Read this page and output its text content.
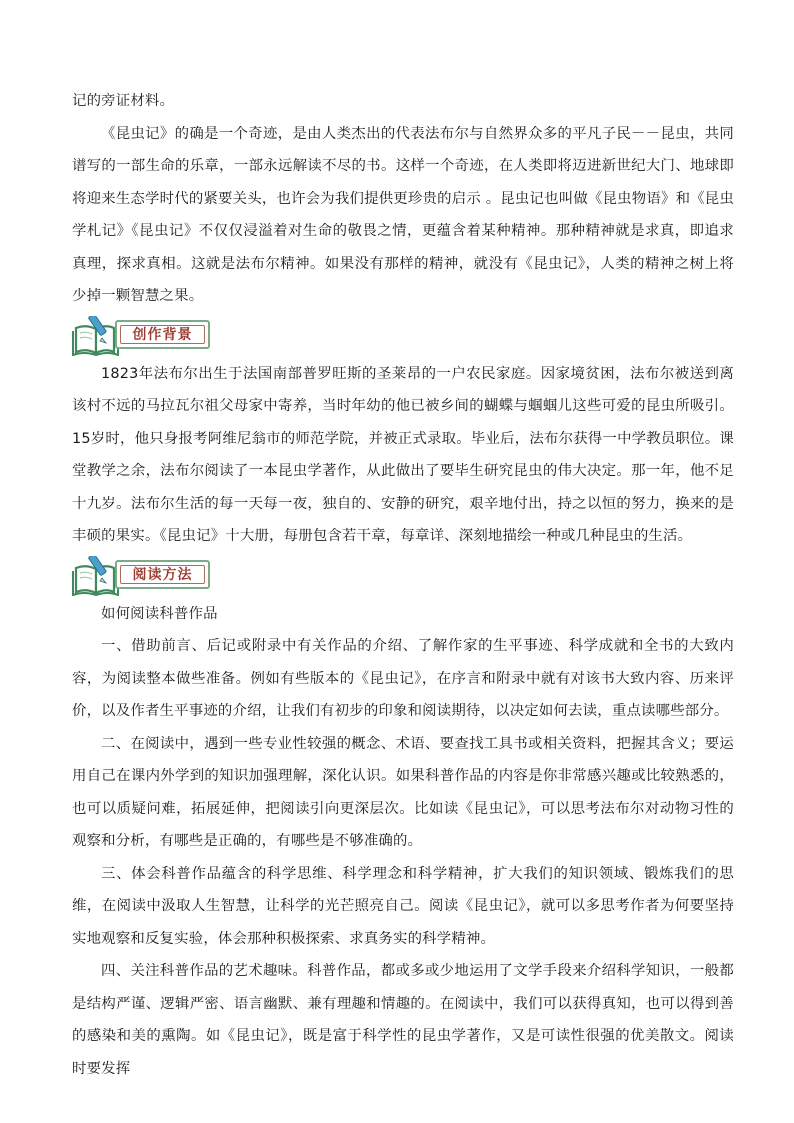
记的旁证材料。

《昆虫记》的确是一个奇迹，是由人类杰出的代表法布尔与自然界众多的平凡子民－－昆虫，共同谱写的一部生命的乐章，一部永远解读不尽的书。这样一个奇迹，在人类即将迈进新世纪大门、地球即将迎来生态学时代的紧要关头，也许会为我们提供更珍贵的启示 。昆虫记也叫做《昆虫物语》和《昆虫学札记》《昆虫记》不仅仅浸溢着对生命的敬畏之情，更蕴含着某种精神。那种精神就是求真，即追求真理，探求真相。这就是法布尔精神。如果没有那样的精神，就没有《昆虫记》，人类的精神之树上将少掉一颗智慧之果。

创作背景

1823年法布尔出生于法国南部普罗旺斯的圣莱昂的一户农民家庭。因家境贫困，法布尔被送到离该村不远的马拉瓦尔祖父母家中寄养，当时年幼的他已被乡间的蝴蝶与蝈蝈儿这些可爱的昆虫所吸引。15岁时，他只身报考阿维尼翁市的师范学院，并被正式录取。毕业后，法布尔获得一中学教员职位。课堂教学之余，法布尔阅读了一本昆虫学著作，从此做出了要毕生研究昆虫的伟大决定。那一年，他不足十九岁。法布尔生活的每一天每一夜，独自的、安静的研究，艰辛地付出，持之以恒的努力，换来的是丰硕的果实。《昆虫记》十大册，每册包含若干章，每章详、深刻地描绘一种或几种昆虫的生活。

阅读方法

如何阅读科普作品

一、借助前言、后记或附录中有关作品的介绍、了解作家的生平事迹、科学成就和全书的大致内容，为阅读整本做些准备。例如有些版本的《昆虫记》，在序言和附录中就有对该书大致内容、历来评价，以及作者生平事迹的介绍，让我们有初步的印象和阅读期待，以决定如何去读，重点读哪些部分。

二、在阅读中，遇到一些专业性较强的概念、术语、要查找工具书或相关资料，把握其含义；要运用自己在课内外学到的知识加强理解，深化认识。如果科普作品的内容是你非常感兴趣或比较熟悉的，也可以质疑问难，拓展延伸，把阅读引向更深层次。比如读《昆虫记》，可以思考法布尔对动物习性的观察和分析，有哪些是正确的，有哪些是不够准确的。

三、体会科普作品蕴含的科学思维、科学理念和科学精神，扩大我们的知识领域、锻炼我们的思维，在阅读中汲取人生智慧，让科学的光芒照亮自己。阅读《昆虫记》，就可以多思考作者为何要坚持实地观察和反复实验，体会那种积极探索、求真务实的科学精神。

四、关注科普作品的艺术趣味。科普作品，都或多或少地运用了文学手段来介绍科学知识，一般都是结构严谨、逻辑严密、语言幽默、兼有理趣和情趣的。在阅读中，我们可以获得真知，也可以得到善的感染和美的熏陶。如《昆虫记》，既是富于科学性的昆虫学著作，又是可读性很强的优美散文。阅读时要发挥
